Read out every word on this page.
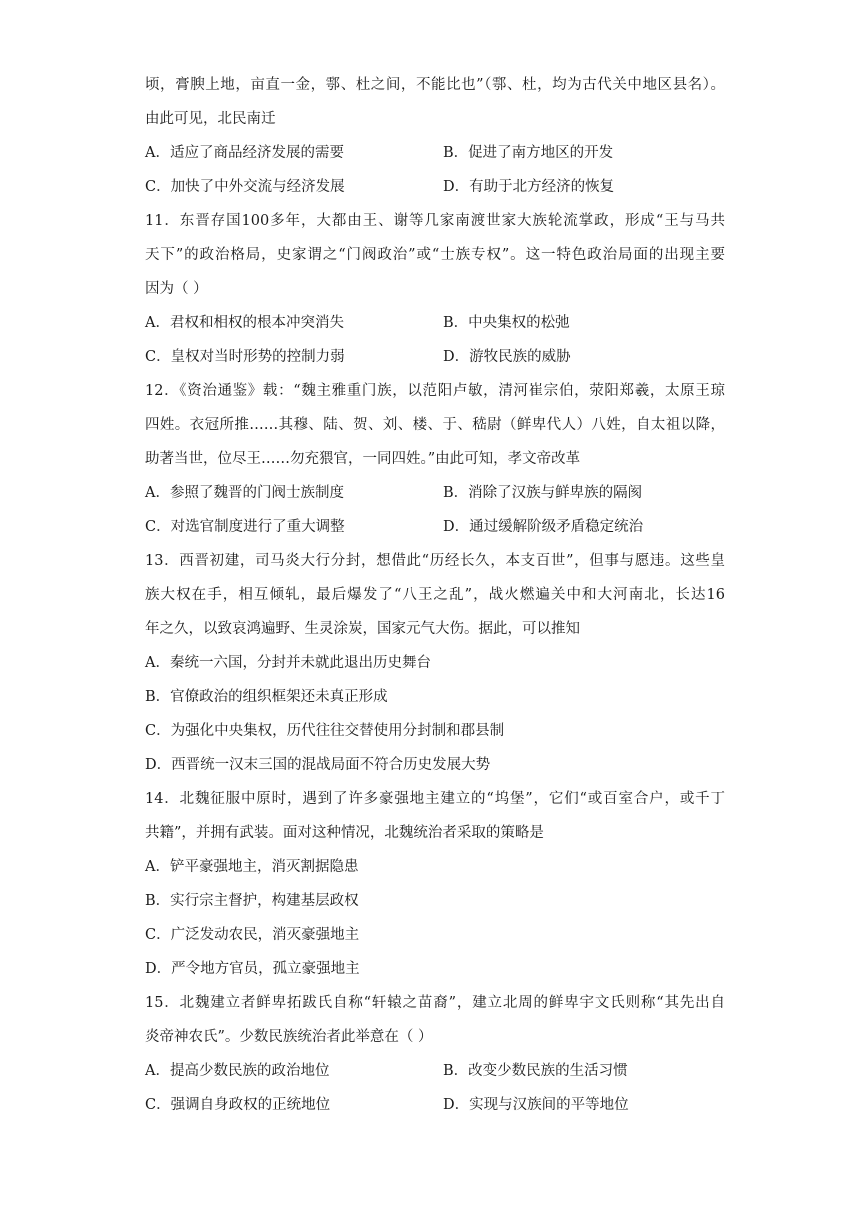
顷，膏腴上地，亩直一金，鄠、杜之间，不能比也”（鄠、杜，均为古代关中地区县名）。
由此可见，北民南迁
A．适应了商品经济发展的需要	B．促进了南方地区的开发
C．加快了中外交流与经济发展	D．有助于北方经济的恢复
11．东晋存国100多年，大都由王、谢等几家南渡世家大族轮流掌政，形成“王与马共
天下”的政治格局，史家谓之“门阀政治”或“士族专权”。这一特色政治局面的出现主要
因为（ ）
A．君权和相权的根本冲突消失	B．中央集权的松弛
C．皇权对当时形势的控制力弱	D．游牧民族的威胁
12．《资治通鉴》载：“魏主雅重门族，以范阳卢敏，清河崔宗伯，荥阳郑羲，太原王琼
四姓。衣冠所推……其穆、陆、贺、刘、楼、于、嵇尉（鲜卑代人）八姓，自太祖以降，
助著当世，位尽王……勿充猥官，一同四姓。”由此可知，孝文帝改革
A．参照了魏晋的门阀士族制度	B．消除了汉族与鲜卑族的隔阂
C．对选官制度进行了重大调整	D．通过缓解阶级矛盾稳定统治
13．西晋初建，司马炎大行分封，想借此“历经长久，本支百世”，但事与愿违。这些皇
族大权在手，相互倾轧，最后爆发了“八王之乱”，战火燃遍关中和大河南北，长达16
年之久，以致哀鸿遍野、生灵涂炭，国家元气大伤。据此，可以推知
A．秦统一六国，分封并未就此退出历史舞台
B．官僚政治的组织框架还未真正形成
C．为强化中央集权，历代往往交替使用分封制和郡县制
D．西晋统一汉末三国的混战局面不符合历史发展大势
14．北魏征服中原时，遇到了许多豪强地主建立的“坞堡”，它们“或百室合户，或千丁
共籍”，并拥有武装。面对这种情况，北魏统治者采取的策略是
A．铲平豪强地主，消灭割据隐患
B．实行宗主督护，构建基层政权
C．广泛发动农民，消灭豪强地主
D．严令地方官员，孤立豪强地主
15．北魏建立者鲜卑拓跋氏自称“轩辕之苗裔”，建立北周的鲜卑宇文氏则称“其先出自
炎帝神农氏”。少数民族统治者此举意在（ ）
A．提高少数民族的政治地位	B．改变少数民族的生活习惯
C．强调自身政权的正统地位	D．实现与汉族间的平等地位
